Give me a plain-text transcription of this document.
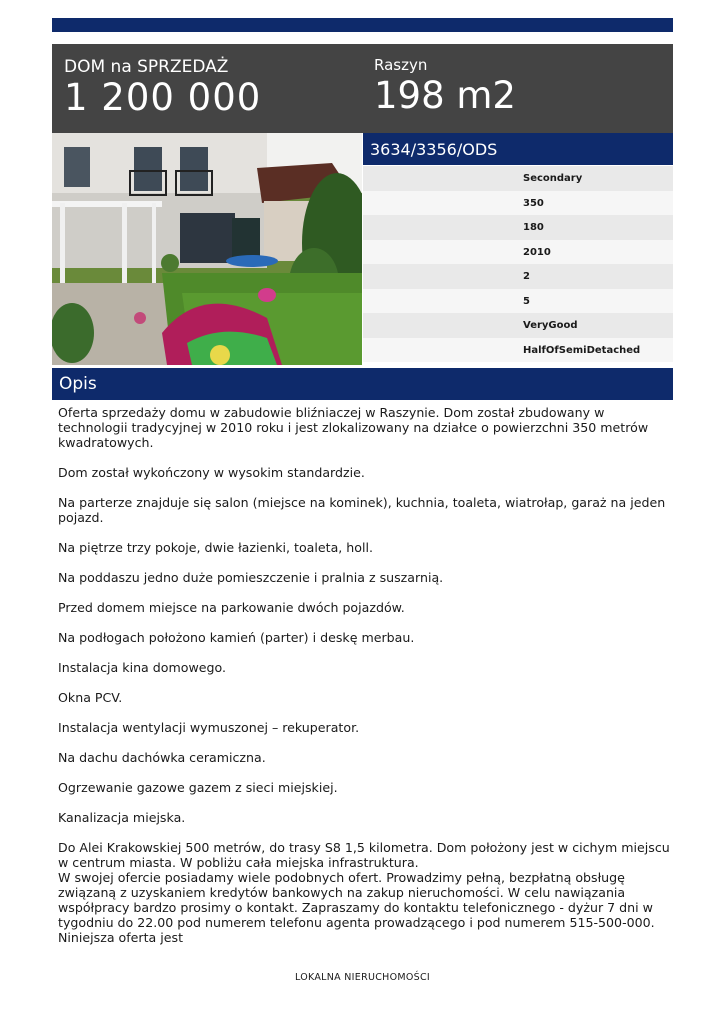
DOM na SPRZEDAŻ
1 200 000
Raszyn
198 m2
3634/3356/ODS
Secondary
350
180
2010
2
5
VeryGood
HalfOfSemiDetached
Opis

Oferta sprzedaży domu w zabudowie bliźniaczej w Raszynie. Dom został zbudowany w technologii tradycyjnej w 2010 roku i jest zlokalizowany na działce o powierzchni 350 metrów kwadratowych.

Dom został wykończony w wysokim standardzie.

Na parterze znajduje się salon (miejsce na kominek), kuchnia, toaleta, wiatrołap, garaż na jeden pojazd.

Na piętrze trzy pokoje, dwie łazienki, toaleta, holl.

Na poddaszu jedno duże pomieszczenie i pralnia z suszarnią.

Przed domem miejsce na parkowanie dwóch pojazdów.

Na podłogach położono kamień (parter) i deskę merbau.

Instalacja kina domowego.

Okna PCV.

Instalacja wentylacji wymuszonej – rekuperator.

Na dachu dachówka ceramiczna.

Ogrzewanie gazowe gazem z sieci miejskiej.

Kanalizacja miejska.

Do Alei Krakowskiej 500 metrów, do trasy S8 1,5 kilometra. Dom położony jest w cichym miejscu w centrum miasta. W pobliżu cała miejska infrastruktura.

W swojej ofercie posiadamy wiele podobnych ofert. Prowadzimy pełną, bezpłatną obsługę związaną z uzyskaniem kredytów bankowych na zakup nieruchomości. W celu nawiązania współpracy bardzo prosimy o kontakt. Zapraszamy do kontaktu telefonicznego - dyżur 7 dni w tygodniu do 22.00 pod numerem telefonu agenta prowadzącego i pod numerem 515-500-000. Niniejsza oferta jest

LOKALNA NIERUCHOMOŚCI
